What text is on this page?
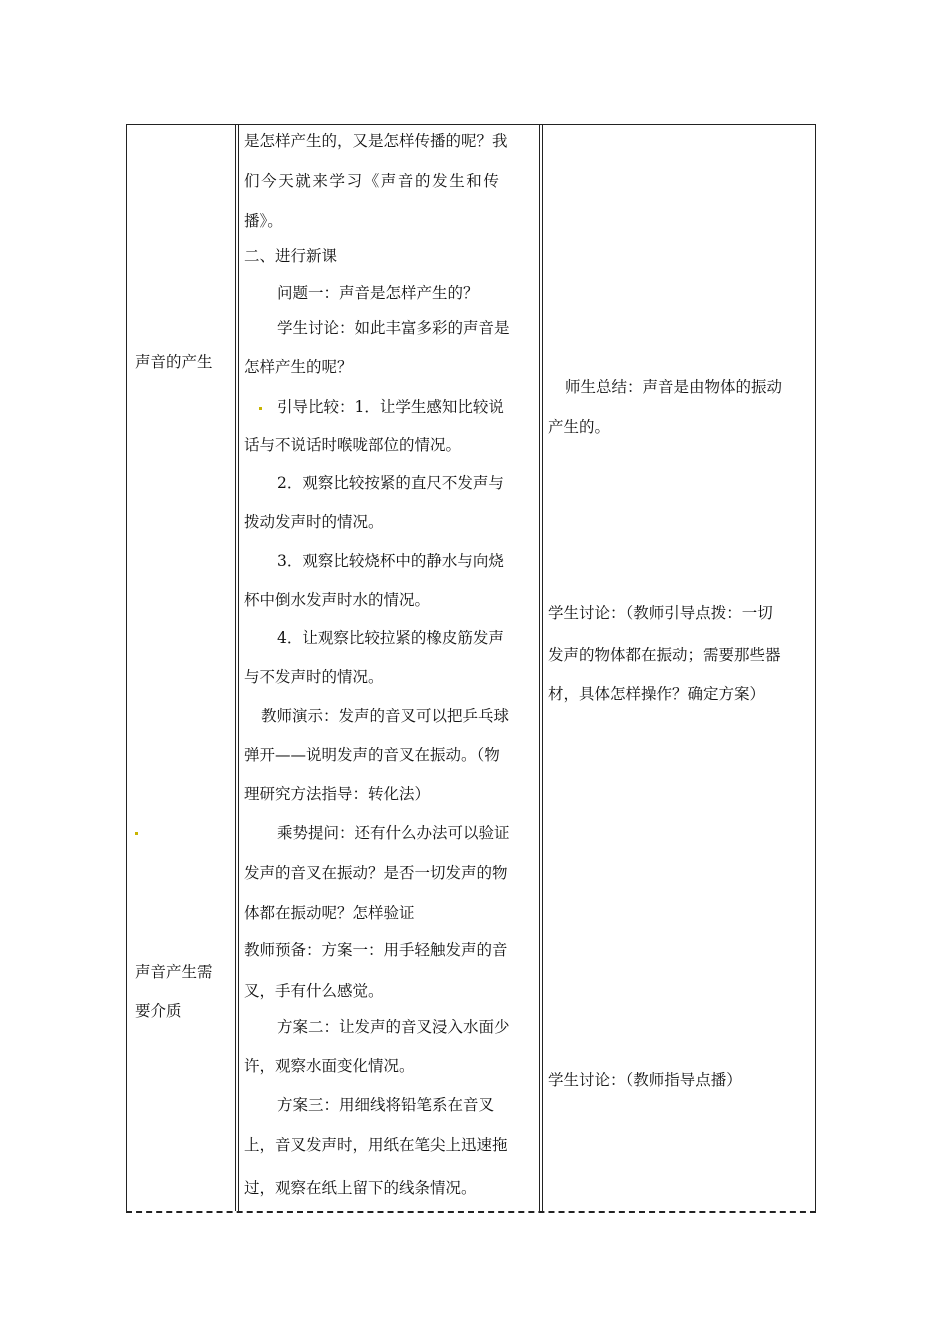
声音的产生
声音产生需
要介质
是怎样产生的，又是怎样传播的呢？我
们今天就来学习《声音的发生和传
播》。
二、进行新课
问题一：声音是怎样产生的？
学生讨论：如此丰富多彩的声音是
怎样产生的呢？
引导比较：1．让学生感知比较说
话与不说话时喉咙部位的情况。
2．观察比较按紧的直尺不发声与
拨动发声时的情况。
3．观察比较烧杯中的静水与向烧
杯中倒水发声时水的情况。
4．让观察比较拉紧的橡皮筋发声
与不发声时的情况。
教师演示：发声的音叉可以把乒乓球
弹开——说明发声的音叉在振动。（物
理研究方法指导：转化法）
乘势提问：还有什么办法可以验证
发声的音叉在振动？是否一切发声的物
体都在振动呢？怎样验证
教师预备：方案一：用手轻触发声的音
叉，手有什么感觉。
方案二：让发声的音叉浸入水面少
许，观察水面变化情况。
方案三：用细线将铅笔系在音叉
上，音叉发声时，用纸在笔尖上迅速拖
过，观察在纸上留下的线条情况。
师生总结：声音是由物体的振动
产生的。
学生讨论：（教师引导点拨：一切
发声的物体都在振动；需要那些器
材，具体怎样操作？确定方案）
学生讨论：（教师指导点播）
